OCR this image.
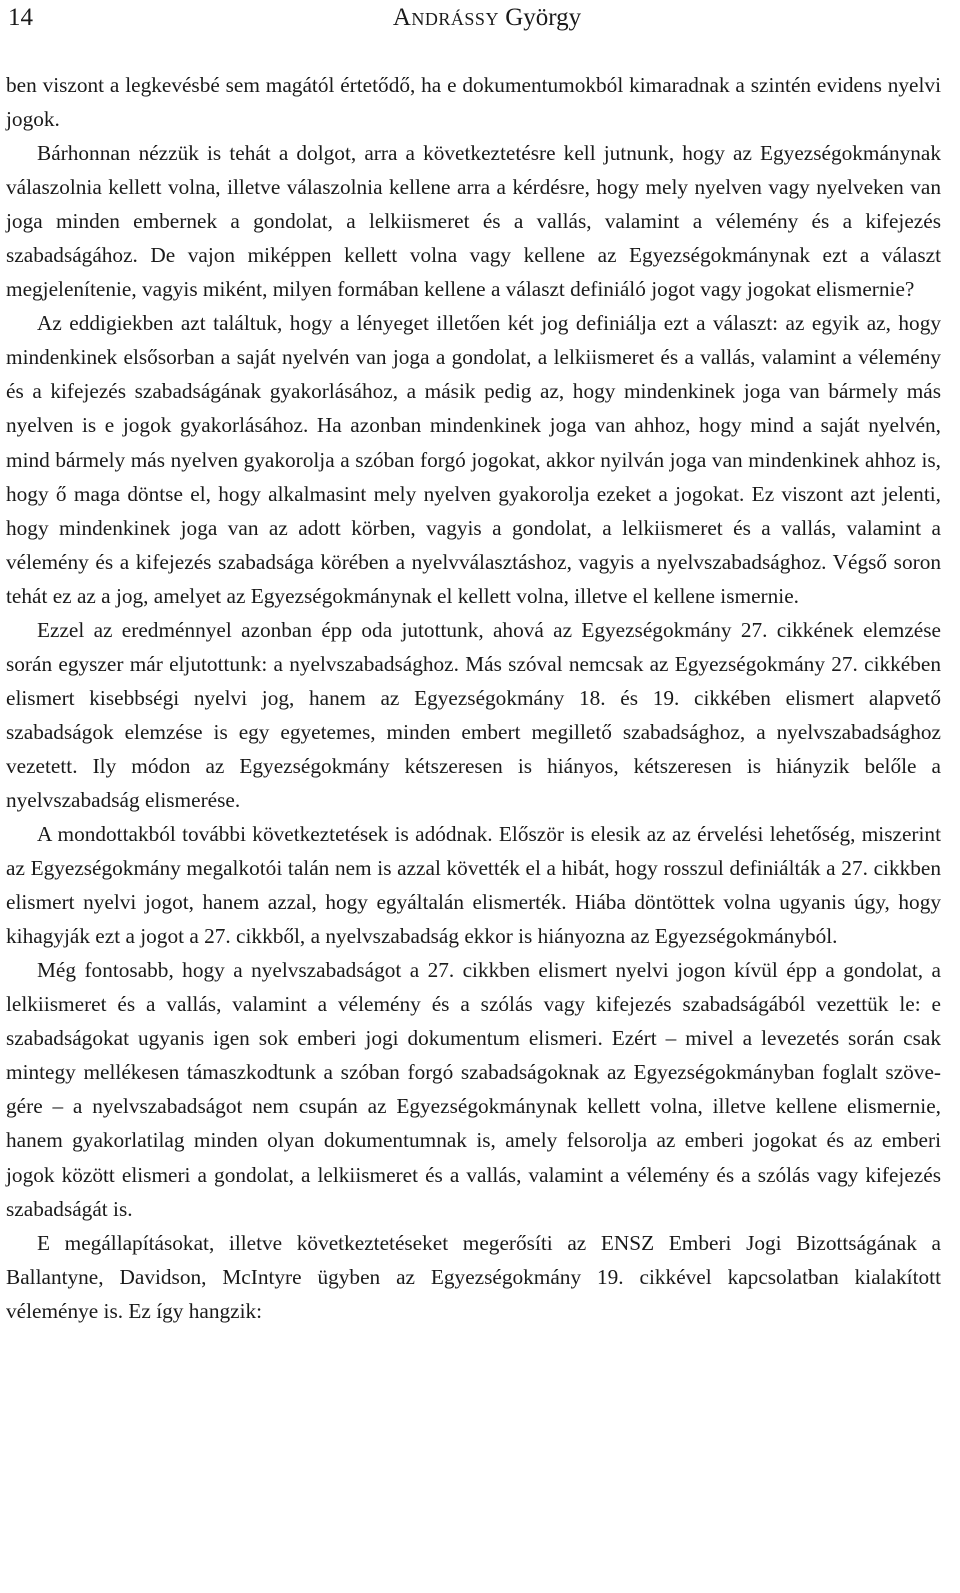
14	Andrássy György

ben viszont a legkevésbé sem magától értetődő, ha e dokumentumokból kimaradnak a szintén evidens nyelvi jogok.

Bárhonnan nézzük is tehát a dolgot, arra a következtetésre kell jutnunk, hogy az Egyezségokmánynak válaszolnia kellett volna, illetve válaszolnia kellene arra a kérdésre, hogy mely nyelven vagy nyelveken van joga minden embernek a gondolat, a lelkiismeret és a vallás, valamint a vélemény és a kifejezés szabadságához. De vajon miképpen kellett volna vagy kellene az Egyezségokmánynak ezt a választ megjelenítenie, vagyis miként, milyen formában kellene a választ definiáló jogot vagy jogokat elismernie?

Az eddigiekben azt találtuk, hogy a lényeget illetően két jog definiálja ezt a választ: az egyik az, hogy mindenkinek elsősorban a saját nyelvén van joga a gondolat, a lelkiismeret és a vallás, valamint a vélemény és a kifejezés szabadságának gyakorlásához, a másik pedig az, hogy mindenkinek joga van bármely más nyelven is e jogok gyakorlásához. Ha azonban mindenkinek joga van ahhoz, hogy mind a saját nyelvén, mind bármely más nyelven gyakorolja a szóban forgó jogokat, akkor nyilván joga van mindenkinek ahhoz is, hogy ő maga döntse el, hogy alkalmasint mely nyelven gyakorolja ezeket a jogokat. Ez viszont azt jelenti, hogy mindenkinek joga van az adott körben, vagyis a gondolat, a lelkiismeret és a vallás, valamint a vélemény és a kifejezés szabadsága körében a nyelvválasztáshoz, vagyis a nyelvszabadsághoz. Végső soron tehát ez az a jog, amelyet az Egyezségokmánynak el kellett volna, illetve el kellene ismernie.

Ezzel az eredménnyel azonban épp oda jutottunk, ahová az Egyezségokmány 27. cikkének elemzése során egyszer már eljutottunk: a nyelvszabadsághoz. Más szóval nemcsak az Egyezségokmány 27. cikkében elismert kisebbségi nyelvi jog, hanem az Egyezségokmány 18. és 19. cikkében elismert alapvető szabadságok elemzése is egy egyetemes, minden embert megillető szabadsághoz, a nyelvszabadsághoz vezetett. Ily módon az Egyezségokmány kétszeresen is hiányos, kétszeresen is hiányzik belőle a nyelvszabadság elismerése.

A mondottakból további következtetések is adódnak. Először is elesik az az érvelési lehetőség, miszerint az Egyezségokmány megalkotói talán nem is azzal követték el a hibát, hogy rosszul definiálták a 27. cikkben elismert nyelvi jogot, hanem azzal, hogy egyáltalán elismerték. Hiába döntöttek volna ugyanis úgy, hogy kihagyják ezt a jogot a 27. cikkből, a nyelvszabadság ekkor is hiányozna az Egyezségokmányból.

Még fontosabb, hogy a nyelvszabadságot a 27. cikkben elismert nyelvi jogon kívül épp a gondolat, a lelkiismeret és a vallás, valamint a vélemény és a szólás vagy kifejezés szabadságából vezettük le: e szabadságokat ugyanis igen sok emberi jogi dokumentum elismeri. Ezért – mivel a levezetés során csak mintegy mellékesen támaszkodtunk a szóban forgó szabadságoknak az Egyezségokmányban foglalt szövegére – a nyelvszabadságot nem csupán az Egyezségokmánynak kellett volna, illetve kellene elismernie, hanem gyakorlatilag minden olyan dokumentumnak is, amely felsorolja az emberi jogokat és az emberi jogok között elismeri a gondolat, a lelkiismeret és a vallás, valamint a vélemény és a szólás vagy kifejezés szabadságát is.

E megállapításokat, illetve következtetéseket megerősíti az ENSZ Emberi Jogi Bizottságának a Ballantyne, Davidson, McIntyre ügyben az Egyezségokmány 19. cikkével kapcsolatban kialakított véleménye is. Ez így hangzik:
